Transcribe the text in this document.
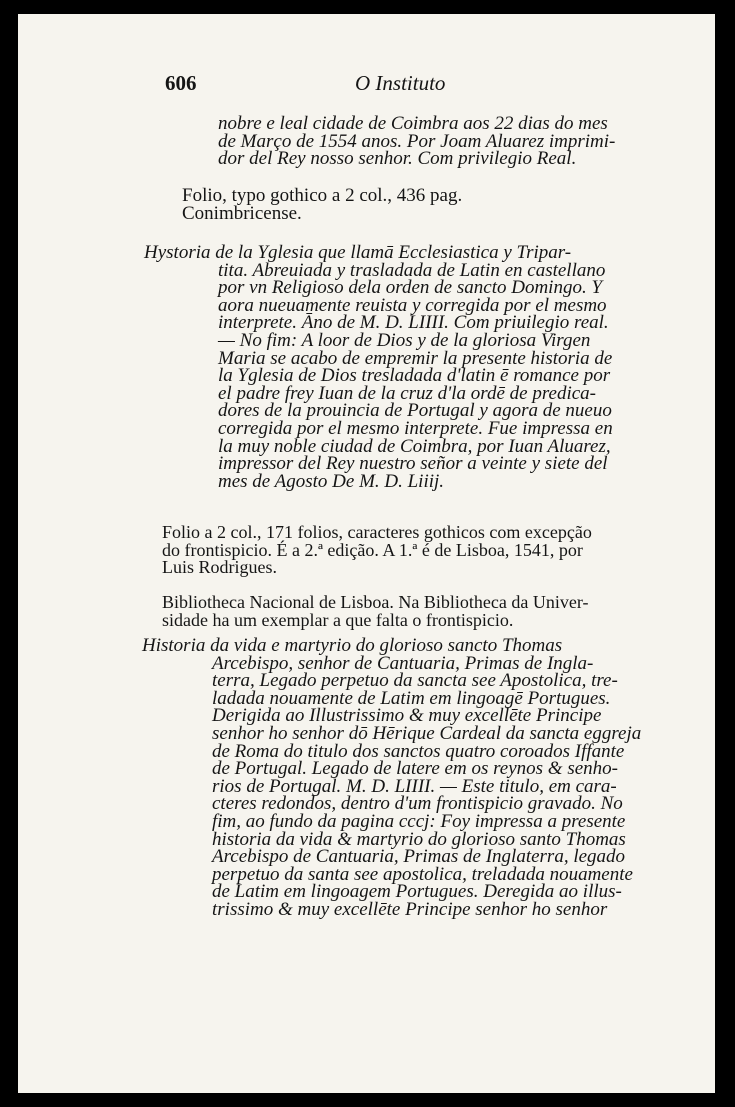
606	O Instituto
nobre e leal cidade de Coimbra aos 22 dias do mes
de Março de 1554 anos. Por Joam Aluarez imprimi-
dor del Rey nosso senhor. Com privilegio Real.
Folio, typo gothico a 2 col., 436 pag.
Conimbricense.
Hystoria de la Yglesia que llamā Ecclesiastica y Tripar-
tita. Abreuiada y trasladada de Latin en castellano
por vn Religioso dela orden de sancto Domingo. Y
aora nueuamente reuista y corregida por el mesmo
interprete. Āno de M. D. LIIII. Com priuilegio real.
— No fim: A loor de Dios y de la gloriosa Virgen
Maria se acabo de empremir la presente historia de
la Yglesia de Dios tresladada d'latin ē romance por
el padre frey Iuan de la cruz d'la ordē de predica-
dores de la prouincia de Portugal y agora de nueuo
corregida por el mesmo interprete. Fue impressa en
la muy noble ciudad de Coimbra, por Iuan Aluarez,
impressor del Rey nuestro señor a veinte y siete del
mes de Agosto De M. D. Liiij.
Folio a 2 col., 171 folios, caracteres gothicos com excepção
do frontispicio. É a 2.ª edição. A 1.ª é de Lisboa, 1541, por
Luis Rodrigues.
Bibliotheca Nacional de Lisboa. Na Bibliotheca da Univer-
sidade ha um exemplar a que falta o frontispicio.
Historia da vida e martyrio do glorioso sancto Thomas
Arcebispo, senhor de Cantuaria, Primas de Ingla-
terra, Legado perpetuo da sancta see Apostolica, tre-
ladada nouamente de Latim em lingoagē Portugues.
Derigida ao Illustrissimo & muy excellēte Principe
senhor ho senhor dō Hērique Cardeal da sancta eggreja
de Roma do titulo dos sanctos quatro coroados Iffante
de Portugal. Legado de latere em os reynos & senho-
rios de Portugal. M. D. LIIII. — Este titulo, em cara-
cteres redondos, dentro d'um frontispicio gravado. No
fim, ao fundo da pagina cccj: Foy impressa a presente
historia da vida & martyrio do glorioso santo Thomas
Arcebispo de Cantuaria, Primas de Inglaterra, legado
perpetuo da santa see apostolica, treladada nouamente
de Latim em lingoagem Portugues. Deregida ao illus-
trissimo & muy excellēte Principe senhor ho senhor
